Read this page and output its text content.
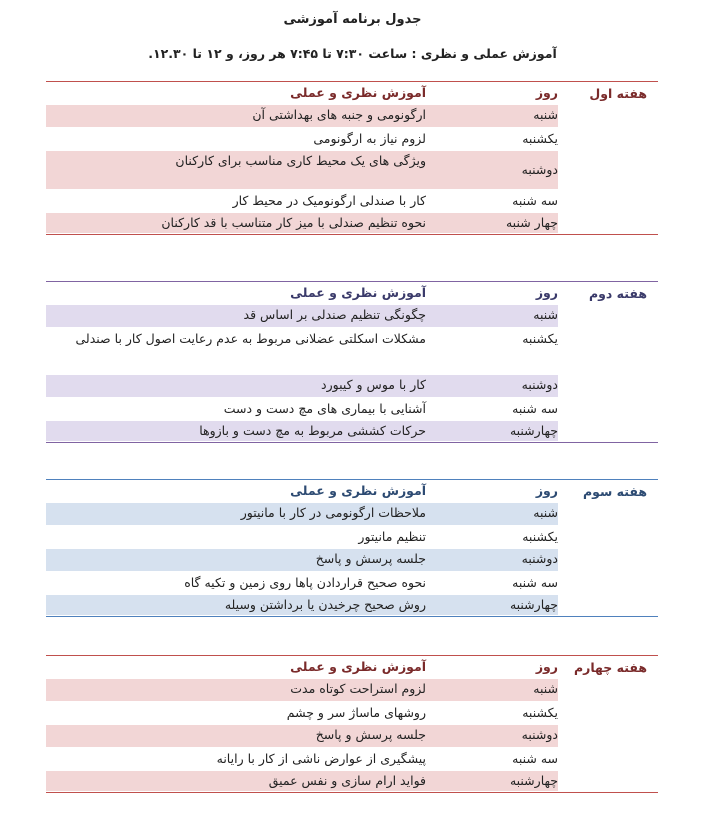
جدول برنامه آموزشی
آموزش عملی و نظری : ساعت ۷:۳۰ تا ۷:۴۵ هر روز، و ۱۲ تا ۱۲.۳۰.
هفته اول
روز
آموزش نظری و عملی
شنبه
ارگونومی و جنبه های بهداشتی آن
یکشنبه
لزوم نیاز به ارگونومی
دوشنبه
ویژگی های یک محیط کاری مناسب برای کارکنان
سه شنبه
کار با صندلی ارگونومیک در محیط کار
چهار شنبه
نحوه تنظیم صندلی با میز کار متناسب با قد کارکنان
هفته دوم
روز
آموزش نظری و عملی
شنبه
چگونگی تنظیم صندلی بر اساس قد
یکشنبه
مشکلات اسکلتی عضلانی مربوط به عدم رعایت اصول کار با صندلی
دوشنبه
کار با موس و کیبورد
سه شنبه
آشنایی با بیماری های مچ دست و دست
چهارشنبه
حرکات کششی مربوط به مچ دست و بازوها
هفته سوم
روز
آموزش نظری و عملی
شنبه
ملاحظات ارگونومی در کار با مانیتور
یکشنبه
تنظیم مانیتور
دوشنبه
جلسه پرسش و پاسخ
سه شنبه
نحوه صحیح قراردادن پاها روی زمین و تکیه گاه
چهارشنبه
روش صحیح چرخیدن یا برداشتن وسیله
هفته چهارم
روز
آموزش نظری و عملی
شنبه
لزوم استراحت کوتاه مدت
یکشنبه
روشهای ماساژ سر و چشم
دوشنبه
جلسه پرسش و پاسخ
سه شنبه
پیشگیری از عوارض ناشی از کار با رایانه
چهارشنبه
فواید ارام سازی و نفس عمیق
